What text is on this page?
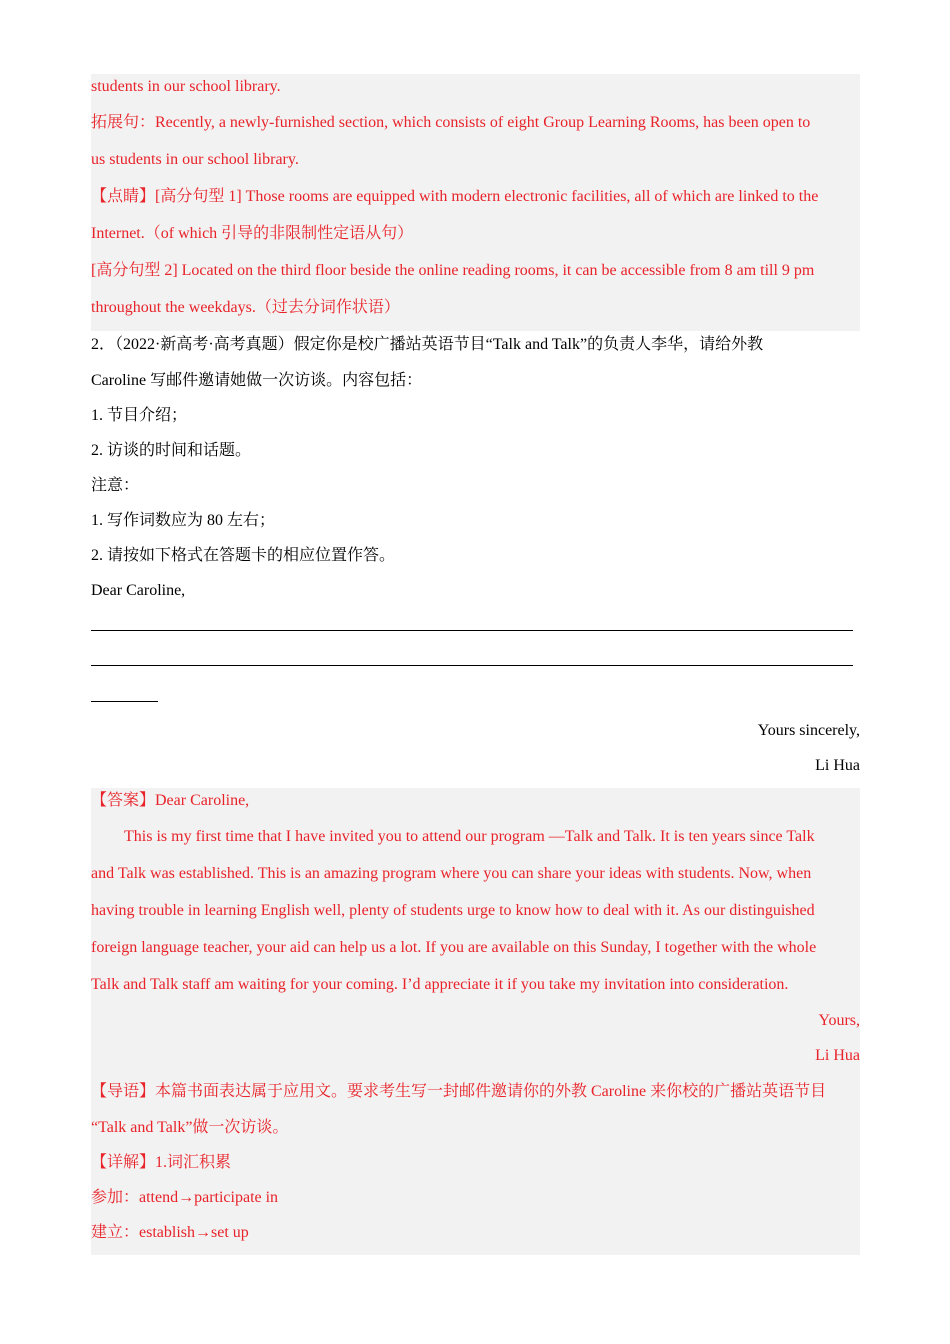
students in our school library.
拓展句：Recently, a newly-furnished section, which consists of eight Group Learning Rooms, has been open to
us students in our school library.
【点睛】[高分句型 1] Those rooms are equipped with modern electronic facilities, all of which are linked to the
Internet.（of which 引导的非限制性定语从句）
[高分句型 2] Located on the third floor beside the online reading rooms, it can be accessible from 8 am till 9 pm
throughout the weekdays.（过去分词作状语）
2．（2022·新高考·高考真题）假定你是校广播站英语节目“Talk and Talk”的负责人李华，请给外教
Caroline 写邮件邀请她做一次访谈。内容包括：
1. 节目介绍；
2. 访谈的时间和话题。
注意：
1. 写作词数应为 80 左右；
2. 请按如下格式在答题卡的相应位置作答。
Dear Caroline,
Yours sincerely,
Li Hua
【答案】Dear Caroline,
This is my first time that I have invited you to attend our program —Talk and Talk. It is ten years since Talk
and Talk was established. This is an amazing program where you can share your ideas with students. Now, when
having trouble in learning English well, plenty of students urge to know how to deal with it. As our distinguished
foreign language teacher, your aid can help us a lot. If you are available on this Sunday, I together with the whole
Talk and Talk staff am waiting for your coming. I’d appreciate it if you take my invitation into consideration.
Yours,
Li Hua
【导语】本篇书面表达属于应用文。要求考生写一封邮件邀请你的外教 Caroline 来你校的广播站英语节目
“Talk and Talk”做一次访谈。
【详解】1.词汇积累
参加：attend→participate in
建立：establish→set up
